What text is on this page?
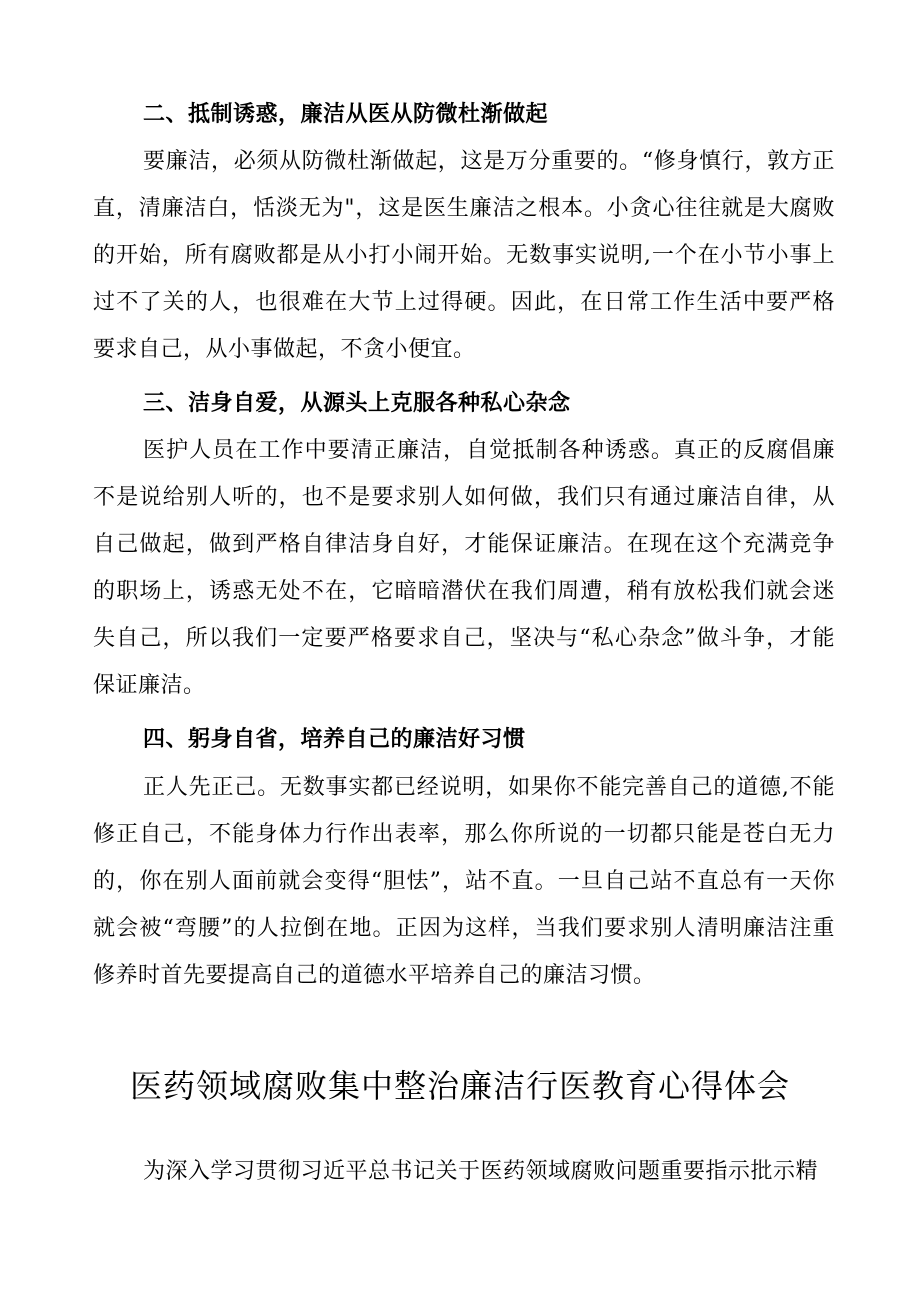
二、抵制诱惑，廉洁从医从防微杜渐做起

要廉洁，必须从防微杜渐做起，这是万分重要的。“修身慎行，敦方正直，清廉洁白，恬淡无为"，这是医生廉洁之根本。小贪心往往就是大腐败的开始，所有腐败都是从小打小闹开始。无数事实说明,一个在小节小事上过不了关的人，也很难在大节上过得硬。因此，在日常工作生活中要严格要求自己，从小事做起，不贪小便宜。

三、洁身自爱，从源头上克服各种私心杂念

医护人员在工作中要清正廉洁，自觉抵制各种诱惑。真正的反腐倡廉不是说给别人听的，也不是要求别人如何做，我们只有通过廉洁自律，从自己做起，做到严格自律洁身自好，才能保证廉洁。在现在这个充满竞争的职场上，诱惑无处不在，它暗暗潜伏在我们周遭，稍有放松我们就会迷失自己，所以我们一定要严格要求自己，坚决与“私心杂念”做斗争，才能保证廉洁。

四、躬身自省，培养自己的廉洁好习惯

正人先正己。无数事实都已经说明，如果你不能完善自己的道德,不能修正自己，不能身体力行作出表率，那么你所说的一切都只能是苍白无力的，你在别人面前就会变得“胆怯”，站不直。一旦自己站不直总有一天你就会被“弯腰”的人拉倒在地。正因为这样，当我们要求别人清明廉洁注重修养时首先要提高自己的道德水平培养自己的廉洁习惯。

医药领域腐败集中整治廉洁行医教育心得体会

为深入学习贯彻习近平总书记关于医药领域腐败问题重要指示批示精
